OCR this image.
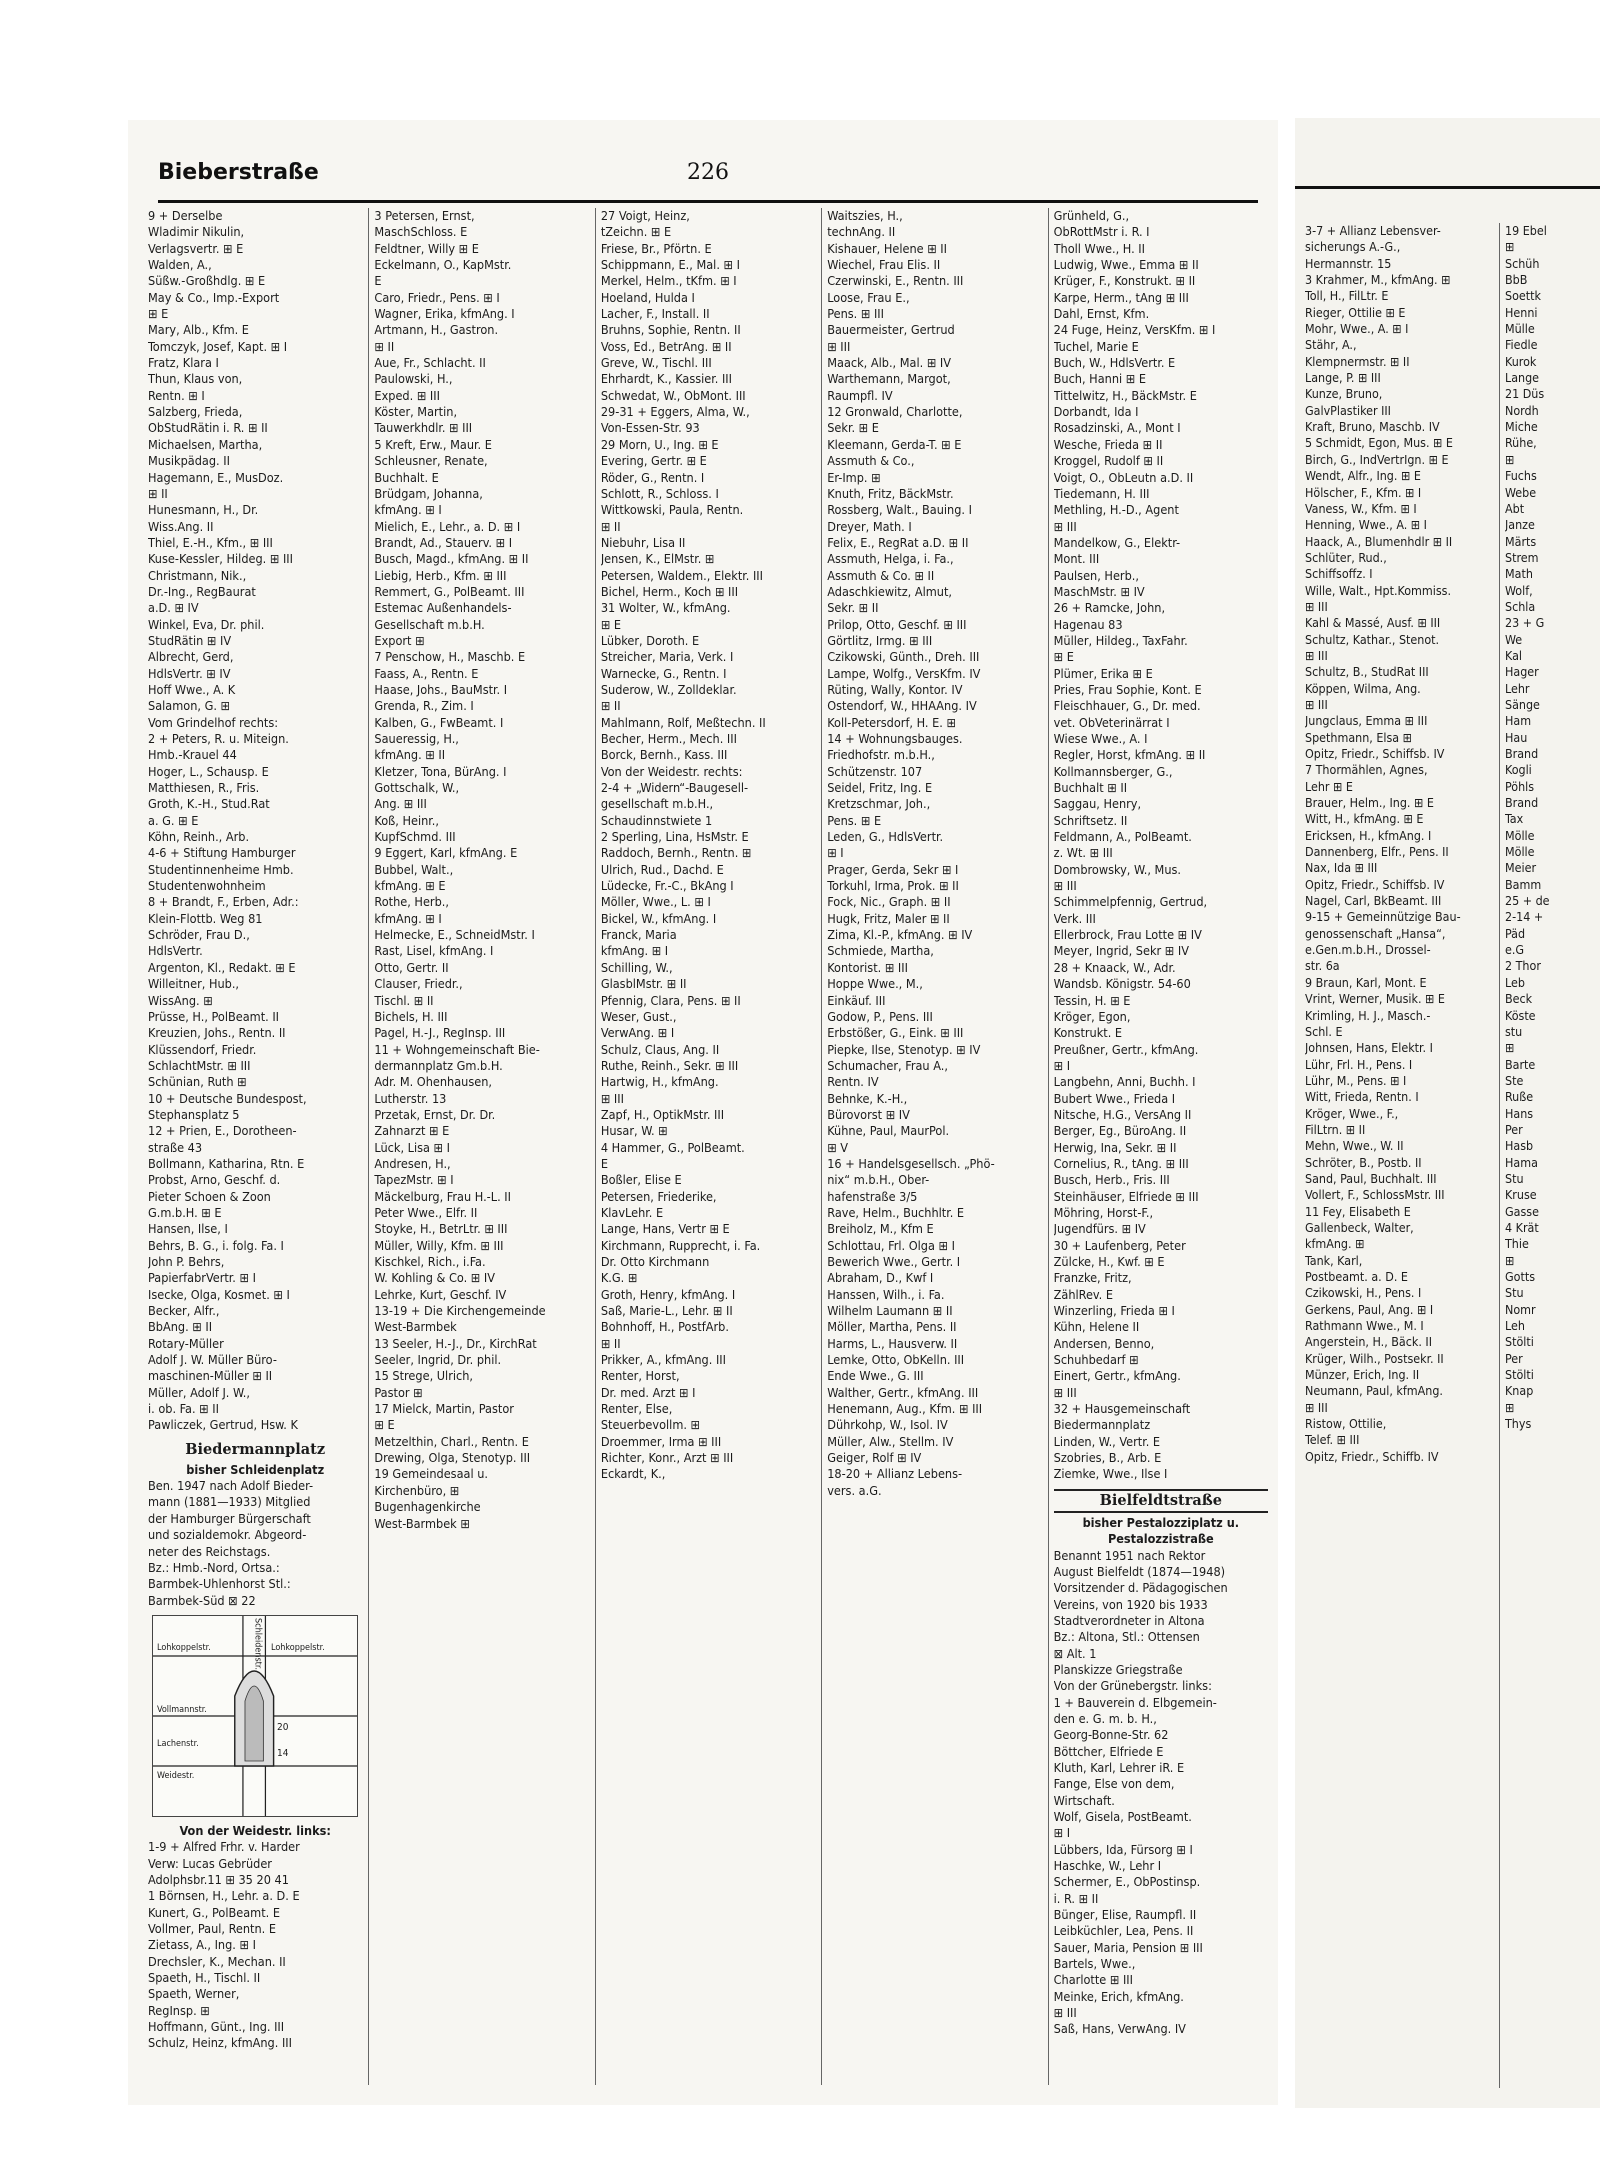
Bieberstraße	226
9 + Derselbe
Wladimir Nikulin,
Verlagsvertr. ⊞ E
Walden, A.,
Süßw.-Großhdlg. ⊞ E
May & Co., Imp.-Export
⊞ E
Mary, Alb., Kfm. E
Tomczyk, Josef, Kapt. ⊞ I
Fratz, Klara I
Thun, Klaus von,
Rentn. ⊞ I
Salzberg, Frieda,
ObStudRätin i. R. ⊞ II
Michaelsen, Martha,
Musikpädag. II
Hagemann, E., MusDoz.
⊞ II
Hunesmann, H., Dr.
Wiss.Ang. II
Thiel, E.-H., Kfm., ⊞ III
Kuse-Kessler, Hildeg. ⊞ III
Christmann, Nik.,
Dr.-Ing., RegBaurat
a.D. ⊞ IV
Winkel, Eva, Dr. phil.
StudRätin ⊞ IV
Albrecht, Gerd,
HdlsVertr. ⊞ IV
Hoff Wwe., A. K
Salamon, G. ⊞
Vom Grindelhof rechts:
2 + Peters, R. u. Miteign.
Hmb.-Krauel 44
Hoger, L., Schausp. E
Matthiesen, R., Fris.
Groth, K.-H., Stud.Rat
a. G. ⊞ E
Köhn, Reinh., Arb.
4-6 + Stiftung Hamburger
Studentinnenheime Hmb.
Studentenwohnheim
8 + Brandt, F., Erben, Adr.:
Klein-Flottb. Weg 81
Schröder, Frau D.,
HdlsVertr.
Argenton, Kl., Redakt. ⊞ E
Willeitner, Hub.,
WissAng. ⊞
Prüsse, H., PolBeamt. II
Kreuzien, Johs., Rentn. II
Klüssendorf, Friedr.
SchlachtMstr. ⊞ III
Schünian, Ruth ⊞
10 + Deutsche Bundespost,
Stephansplatz 5
12 + Prien, E., Dorotheen-
straße 43
Bollmann, Katharina, Rtn. E
Probst, Arno, Geschf. d.
Pieter Schoen & Zoon
G.m.b.H. ⊞ E
Hansen, Ilse, I
Behrs, B. G., i. folg. Fa. I
John P. Behrs,
PapierfabrVertr. ⊞ I
Isecke, Olga, Kosmet. ⊞ I
Becker, Alfr.,
BbAng. ⊞ II
Rotary-Müller
Adolf J. W. Müller Büro-
maschinen-Müller ⊞ II
Müller, Adolf J. W.,
i. ob. Fa. ⊞ II
Pawliczek, Gertrud, Hsw. K
Biedermannplatz
bisher Schleidenplatz
Ben. 1947 nach Adolf Bieder-
mann (1881—1933) Mitglied
der Hamburger Bürgerschaft
und sozialdemokr. Abgeord-
neter des Reichstags.
Bz.: Hmb.-Nord, Ortsa.:
Barmbek-Uhlenhorst Stl.:
Barmbek-Süd ⊠ 22
Lohkoppelstr.	Lohkoppelstr.
Schleidenstr.
Vollmannstr.
Lachenstr.
Weidestr.
20
14
Von der Weidestr. links:
1-9 + Alfred Frhr. v. Harder
Verw: Lucas Gebrüder
Adolphsbr.11 ⊞ 35 20 41
1 Börnsen, H., Lehr. a. D. E
Kunert, G., PolBeamt. E
Vollmer, Paul, Rentn. E
Zietass, A., Ing. ⊞ I
Drechsler, K., Mechan. II
Spaeth, H., Tischl. II
Spaeth, Werner,
RegInsp. ⊞
Hoffmann, Günt., Ing. III
Schulz, Heinz, kfmAng. III
3 Petersen, Ernst,
MaschSchloss. E
Feldtner, Willy ⊞ E
Eckelmann, O., KapMstr.
E
Caro, Friedr., Pens. ⊞ I
Wagner, Erika, kfmAng. I
Artmann, H., Gastron.
⊞ II
Aue, Fr., Schlacht. II
Paulowski, H.,
Exped. ⊞ III
Köster, Martin,
Tauwerkhdlr. ⊞ III
5 Kreft, Erw., Maur. E
Schleusner, Renate,
Buchhalt. E
Brüdgam, Johanna,
kfmAng. ⊞ I
Mielich, E., Lehr., a. D. ⊞ I
Brandt, Ad., Stauerv. ⊞ I
Busch, Magd., kfmAng. ⊞ II
Liebig, Herb., Kfm. ⊞ III
Remmert, G., PolBeamt. III
Estemac Außenhandels-
Gesellschaft m.b.H.
Export ⊞
7 Penschow, H., Maschb. E
Faass, A., Rentn. E
Haase, Johs., BauMstr. I
Grenda, R., Zim. I
Kalben, G., FwBeamt. I
Saueressig, H.,
kfmAng. ⊞ II
Kletzer, Tona, BürAng. I
Gottschalk, W.,
Ang. ⊞ III
Koß, Heinr.,
KupfSchmd. III
9 Eggert, Karl, kfmAng. E
Bubbel, Walt.,
kfmAng. ⊞ E
Rothe, Herb.,
kfmAng. ⊞ I
Helmecke, E., SchneidMstr. I
Rast, Lisel, kfmAng. I
Otto, Gertr. II
Clauser, Friedr.,
Tischl. ⊞ II
Bichels, H. III
Pagel, H.-J., RegInsp. III
11 + Wohngemeinschaft Bie-
dermannplatz Gm.b.H.
Adr. M. Ohenhausen,
Lutherstr. 13
Przetak, Ernst, Dr. Dr.
Zahnarzt ⊞ E
Lück, Lisa ⊞ I
Andresen, H.,
TapezMstr. ⊞ I
Mäckelburg, Frau H.-L. II
Peter Wwe., Elfr. II
Stoyke, H., BetrLtr. ⊞ III
Müller, Willy, Kfm. ⊞ III
Kischkel, Rich., i.Fa.
W. Kohling & Co. ⊞ IV
Lehrke, Kurt, Geschf. IV
13-19 + Die Kirchengemeinde
West-Barmbek
13 Seeler, H.-J., Dr., KirchRat
Seeler, Ingrid, Dr. phil.
15 Strege, Ulrich,
Pastor ⊞
17 Mielck, Martin, Pastor
⊞ E
Metzelthin, Charl., Rentn. E
Drewing, Olga, Stenotyp. III
19 Gemeindesaal u.
Kirchenbüro, ⊞
Bugenhagenkirche
West-Barmbek ⊞
27 Voigt, Heinz,
tZeichn. ⊞ E
Friese, Br., Pförtn. E
Schippmann, E., Mal. ⊞ I
Merkel, Helm., tKfm. ⊞ I
Hoeland, Hulda I
Lacher, F., Install. II
Bruhns, Sophie, Rentn. II
Voss, Ed., BetrAng. ⊞ II
Greve, W., Tischl. III
Ehrhardt, K., Kassier. III
Schwedat, W., ObMont. III
29-31 + Eggers, Alma, W.,
Von-Essen-Str. 93
29 Morn, U., Ing. ⊞ E
Evering, Gertr. ⊞ E
Röder, G., Rentn. I
Schlott, R., Schloss. I
Wittkowski, Paula, Rentn.
⊞ II
Niebuhr, Lisa II
Jensen, K., ElMstr. ⊞
Petersen, Waldem., Elektr. III
Bichel, Herm., Koch ⊞ III
31 Wolter, W., kfmAng.
⊞ E
Lübker, Doroth. E
Streicher, Maria, Verk. I
Warnecke, G., Rentn. I
Suderow, W., Zolldeklar.
⊞ II
Mahlmann, Rolf, Meßtechn. II
Becher, Herm., Mech. III
Borck, Bernh., Kass. III
Von der Weidestr. rechts:
2-4 + „Widern“-Baugesell-
gesellschaft m.b.H.,
Schaudinnstwiete 1
2 Sperling, Lina, HsMstr. E
Raddoch, Bernh., Rentn. ⊞
Ulrich, Rud., Dachd. E
Lüdecke, Fr.-C., BkAng I
Möller, Wwe., L. ⊞ I
Bickel, W., kfmAng. I
Franck, Maria
kfmAng. ⊞ I
Schilling, W.,
GlasblMstr. ⊞ II
Pfennig, Clara, Pens. ⊞ II
Weser, Gust.,
VerwAng. ⊞ I
Schulz, Claus, Ang. II
Ruthe, Reinh., Sekr. ⊞ III
Hartwig, H., kfmAng.
⊞ III
Zapf, H., OptikMstr. III
Husar, W. ⊞
4 Hammer, G., PolBeamt.
E
Boßler, Elise E
Petersen, Friederike,
KlavLehr. E
Lange, Hans, Vertr ⊞ E
Kirchmann, Rupprecht, i. Fa.
Dr. Otto Kirchmann
K.G. ⊞
Groth, Henry, kfmAng. I
Saß, Marie-L., Lehr. ⊞ II
Bohnhoff, H., PostfArb.
⊞ II
Prikker, A., kfmAng. III
Renter, Horst,
Dr. med. Arzt ⊞ I
Renter, Else,
Steuerbevollm. ⊞
Droemmer, Irma ⊞ III
Richter, Konr., Arzt ⊞ III
Eckardt, K.,
Waitszies, H.,
technAng. II
Kishauer, Helene ⊞ II
Wiechel, Frau Elis. II
Czerwinski, E., Rentn. III
Loose, Frau E.,
Pens. ⊞ III
Bauermeister, Gertrud
⊞ III
Maack, Alb., Mal. ⊞ IV
Warthemann, Margot,
Raumpfl. IV
12 Gronwald, Charlotte,
Sekr. ⊞ E
Kleemann, Gerda-T. ⊞ E
Assmuth & Co.,
Er-Imp. ⊞
Knuth, Fritz, BäckMstr.
Rossberg, Walt., Bauing. I
Dreyer, Math. I
Felix, E., RegRat a.D. ⊞ II
Assmuth, Helga, i. Fa.,
Assmuth & Co. ⊞ II
Adaschkiewitz, Almut,
Sekr. ⊞ II
Prilop, Otto, Geschf. ⊞ III
Görtlitz, Irmg. ⊞ III
Czikowski, Günth., Dreh. III
Lampe, Wolfg., VersKfm. IV
Rüting, Wally, Kontor. IV
Ostendorf, W., HHAAng. IV
Koll-Petersdorf, H. E. ⊞
14 + Wohnungsbauges.
Friedhofstr. m.b.H.,
Schützenstr. 107
Seidel, Fritz, Ing. E
Kretzschmar, Joh.,
Pens. ⊞ E
Leden, G., HdlsVertr.
⊞ I
Prager, Gerda, Sekr ⊞ I
Torkuhl, Irma, Prok. ⊞ II
Fock, Nic., Graph. ⊞ II
Hugk, Fritz, Maler ⊞ II
Zima, Kl.-P., kfmAng. ⊞ IV
Schmiede, Martha,
Kontorist. ⊞ III
Hoppe Wwe., M.,
Einkäuf. III
Godow, P., Pens. III
Erbstößer, G., Eink. ⊞ III
Piepke, Ilse, Stenotyp. ⊞ IV
Schumacher, Frau A.,
Rentn. IV
Behnke, K.-H.,
Bürovorst ⊞ IV
Kühne, Paul, MaurPol.
⊞ V
16 + Handelsgesellsch. „Phö-
nix“ m.b.H., Ober-
hafenstraße 3/5
Rave, Helm., Buchhltr. E
Breiholz, M., Kfm E
Schlottau, Frl. Olga ⊞ I
Bewerich Wwe., Gertr. I
Abraham, D., Kwf I
Hanssen, Wilh., i. Fa.
Wilhelm Laumann ⊞ II
Möller, Martha, Pens. II
Harms, L., Hausverw. II
Lemke, Otto, ObKelln. III
Ende Wwe., G. III
Walther, Gertr., kfmAng. III
Henemann, Aug., Kfm. ⊞ III
Dührkohp, W., Isol. IV
Müller, Alw., Stellm. IV
Geiger, Rolf ⊞ IV
18-20 + Allianz Lebens-
vers. a.G.
Grünheld, G.,
ObRottMstr i. R. I
Tholl Wwe., H. II
Ludwig, Wwe., Emma ⊞ II
Krüger, F., Konstrukt. ⊞ II
Karpe, Herm., tAng ⊞ III
Dahl, Ernst, Kfm.
24 Fuge, Heinz, VersKfm. ⊞ I
Tuchel, Marie E
Buch, W., HdlsVertr. E
Buch, Hanni ⊞ E
Tittelwitz, H., BäckMstr. E
Dorbandt, Ida I
Rosadzinski, A., Mont I
Wesche, Frieda ⊞ II
Kroggel, Rudolf ⊞ II
Voigt, O., ObLeutn a.D. II
Tiedemann, H. III
Methling, H.-D., Agent
⊞ III
Mandelkow, G., Elektr-
Mont. III
Paulsen, Herb.,
MaschMstr. ⊞ IV
26 + Ramcke, John,
Hagenau 83
Müller, Hildeg., TaxFahr.
⊞ E
Plümer, Erika ⊞ E
Pries, Frau Sophie, Kont. E
Fleischhauer, G., Dr. med.
vet. ObVeterinärrat I
Wiese Wwe., A. I
Regler, Horst, kfmAng. ⊞ II
Kollmannsberger, G.,
Buchhalt ⊞ II
Saggau, Henry,
Schriftsetz. II
Feldmann, A., PolBeamt.
z. Wt. ⊞ III
Dombrowsky, W., Mus.
⊞ III
Schimmelpfennig, Gertrud,
Verk. III
Ellerbrock, Frau Lotte ⊞ IV
Meyer, Ingrid, Sekr ⊞ IV
28 + Knaack, W., Adr.
Wandsb. Königstr. 54-60
Tessin, H. ⊞ E
Kröger, Egon,
Konstrukt. E
Preußner, Gertr., kfmAng.
⊞ I
Langbehn, Anni, Buchh. I
Bubert Wwe., Frieda I
Nitsche, H.G., VersAng II
Berger, Eg., BüroAng. II
Herwig, Ina, Sekr. ⊞ II
Cornelius, R., tAng. ⊞ III
Busch, Herb., Fris. III
Steinhäuser, Elfriede ⊞ III
Möhring, Horst-F.,
Jugendfürs. ⊞ IV
30 + Laufenberg, Peter
Zülcke, H., Kwf. ⊞ E
Franzke, Fritz,
ZählRev. E
Winzerling, Frieda ⊞ I
Kühn, Helene II
Andersen, Benno,
Schuhbedarf ⊞
Einert, Gertr., kfmAng.
⊞ III
32 + Hausgemeinschaft
Biedermannplatz
Linden, W., Vertr. E
Szobries, B., Arb. E
Ziemke, Wwe., Ilse I
Bielfeldtstraße
bisher Pestalozziplatz u. Pestalozzistraße
Benannt 1951 nach Rektor
August Bielfeldt (1874—1948)
Vorsitzender d. Pädagogischen
Vereins, von 1920 bis 1933
Stadtverordneter in Altona
Bz.: Altona, Stl.: Ottensen
⊠ Alt. 1
Planskizze Griegstraße
Von der Grünebergstr. links:
1 + Bauverein d. Elbgemein-
den e. G. m. b. H.,
Georg-Bonne-Str. 62
Böttcher, Elfriede E
Kluth, Karl, Lehrer iR. E
Fange, Else von dem,
Wirtschaft.
Wolf, Gisela, PostBeamt.
⊞ I
Lübbers, Ida, Fürsorg ⊞ I
Haschke, W., Lehr I
Schermer, E., ObPostinsp.
i. R. ⊞ II
Bünger, Elise, Raumpfl. II
Leibküchler, Lea, Pens. II
Sauer, Maria, Pension ⊞ III
Bartels, Wwe.,
Charlotte ⊞ III
Meinke, Erich, kfmAng.
⊞ III
Saß, Hans, VerwAng. IV
3-7 + Allianz Lebensver-
sicherungs A.-G.,
Hermannstr. 15
3 Krahmer, M., kfmAng. ⊞
Toll, H., FilLtr. E
Rieger, Ottilie ⊞ E
Mohr, Wwe., A. ⊞ I
Stähr, A.,
Klempnermstr. ⊞ II
Lange, P. ⊞ III
Kunze, Bruno,
GalvPlastiker III
Kraft, Bruno, Maschb. IV
5 Schmidt, Egon, Mus. ⊞ E
Birch, G., IndVertrIgn. ⊞ E
Wendt, Alfr., Ing. ⊞ E
Hölscher, F., Kfm. ⊞ I
Vaness, W., Kfm. ⊞ I
Henning, Wwe., A. ⊞ I
Haack, A., Blumenhdlr ⊞ II
Schlüter, Rud.,
Schiffsoffz. I
Wille, Walt., Hpt.Kommiss.
⊞ III
Kahl & Massé, Ausf. ⊞ III
Schultz, Kathar., Stenot.
⊞ III
Schultz, B., StudRat III
Köppen, Wilma, Ang.
⊞ III
Jungclaus, Emma ⊞ III
Spethmann, Elsa ⊞
Opitz, Friedr., Schiffsb. IV
7 Thormählen, Agnes,
Lehr ⊞ E
Brauer, Helm., Ing. ⊞ E
Witt, H., kfmAng. ⊞ E
Ericksen, H., kfmAng. I
Dannenberg, Elfr., Pens. II
Nax, Ida ⊞ III
Opitz, Friedr., Schiffsb. IV
Nagel, Carl, BkBeamt. III
9-15 + Gemeinnützige Bau-
genossenschaft „Hansa“,
e.Gen.m.b.H., Drossel-
str. 6a
9 Braun, Karl, Mont. E
Vrint, Werner, Musik. ⊞ E
Krimling, H. J., Masch.-
Schl. E
Johnsen, Hans, Elektr. I
Lühr, Frl. H., Pens. I
Lühr, M., Pens. ⊞ I
Witt, Frieda, Rentn. I
Kröger, Wwe., F.,
FilLtrn. ⊞ II
Mehn, Wwe., W. II
Schröter, B., Postb. II
Sand, Paul, Buchhalt. III
Vollert, F., SchlossMstr. III
11 Fey, Elisabeth E
Gallenbeck, Walter,
kfmAng. ⊞
Tank, Karl,
Postbeamt. a. D. E
Czikowski, H., Pens. I
Gerkens, Paul, Ang. ⊞ I
Rathmann Wwe., M. I
Angerstein, H., Bäck. II
Krüger, Wilh., Postsekr. II
Münzer, Erich, Ing. II
Neumann, Paul, kfmAng.
⊞ III
Ristow, Ottilie,
Telef. ⊞ III
Opitz, Friedr., Schiffb. IV
19 Ebel
⊞
Schüh
BbB
Soettk
Henni
Mülle
Fiedle
Kurok
Lange
21 Düs
Nordh
Miche
Rühe,
⊞
Fuchs
Webe
Abt
Janze
Märts
Strem
Math
Wolf,
Schla
23 + G
We
Kal
Hager
Lehr
Sänge
Ham
Hau
Brand
Kogli
Pöhls
Brand
Tax
Mölle
Mölle
Meier
Bamm
25 + de
2-14 +
Päd
e.G
2 Thor
Leb
Beck
Köste
stu
⊞
Barte
Ste
Ruße
Hans
Per
Hasb
Hama
Stu
Kruse
Gasse
4 Krät
Thie
⊞
Gotts
Stu
Nomr
Leh
Stölti
Per
Stölti
Knap
⊞
Thys
